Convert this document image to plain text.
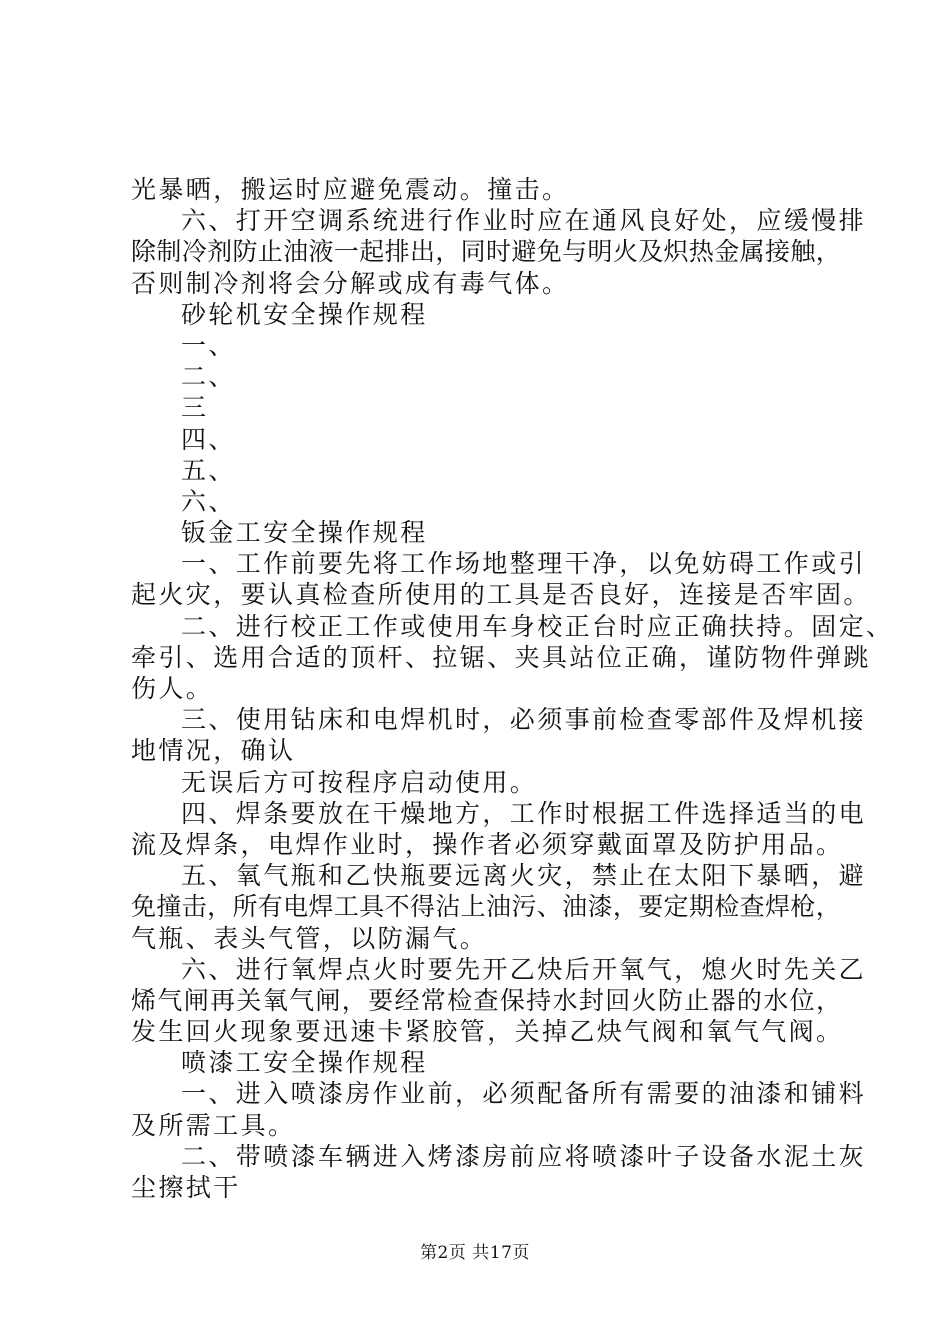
光暴晒，搬运时应避免震动。撞击。
六、打开空调系统进行作业时应在通风良好处，应缓慢排
除 制 冷 剂 防 止 油 液 一 起 排 出 ， 同 时 避 免 与 明 火 及 炽 热 金 属 接 触 ，
否则制冷剂将会分解或成有毒气体。
砂轮机安全操作规程
一、
二、
三
四、
五、
六、
钣金工安全操作规程
一、工作前要先将工作场地整理干净，以免妨碍工作或引
起火灾，要认真检查所使用的工具是否良好，连接是否牢固。
二、进行校正工作或使用车身校正台时应正确扶持。固定、
牵引、选用合适的顶杆、拉锯、夹具站位正确，谨防物件弹跳
伤人。
三、使用钻床和电焊机时，必须事前检查零部件及焊机接
地情况，确认
无误后方可按程序启动使用。
四、焊条要放在干燥地方，工作时根据工件选择适当的电
流及焊条，电焊作业时，操作者必须穿戴面罩及防护用品。
五、氧气瓶和乙快瓶要远离火灾，禁止在太阳下暴晒，避
免 撞 击 ， 所 有 电 焊 工 具 不 得 沾 上 油 污 、 油 漆 ， 要 定 期 检 查 焊 枪 ，
气瓶、表头气管，以防漏气。
六、进行氧焊点火时要先开乙炔后开氧气，熄火时先关乙
烯 气 闸 再 关 氧 气 闸 ， 要 经 常 检 查 保 持 水 封 回 火 防 止 器 的 水 位 ，
发生回火现象要迅速卡紧胶管，关掉乙炔气阀和氧气气阀。
喷漆工安全操作规程
一、进入喷漆房作业前，必须配备所有需要的油漆和铺料
及所需工具。
二、带喷漆车辆进入烤漆房前应将喷漆叶子设备水泥土灰
尘擦拭干
第2页 共17页
